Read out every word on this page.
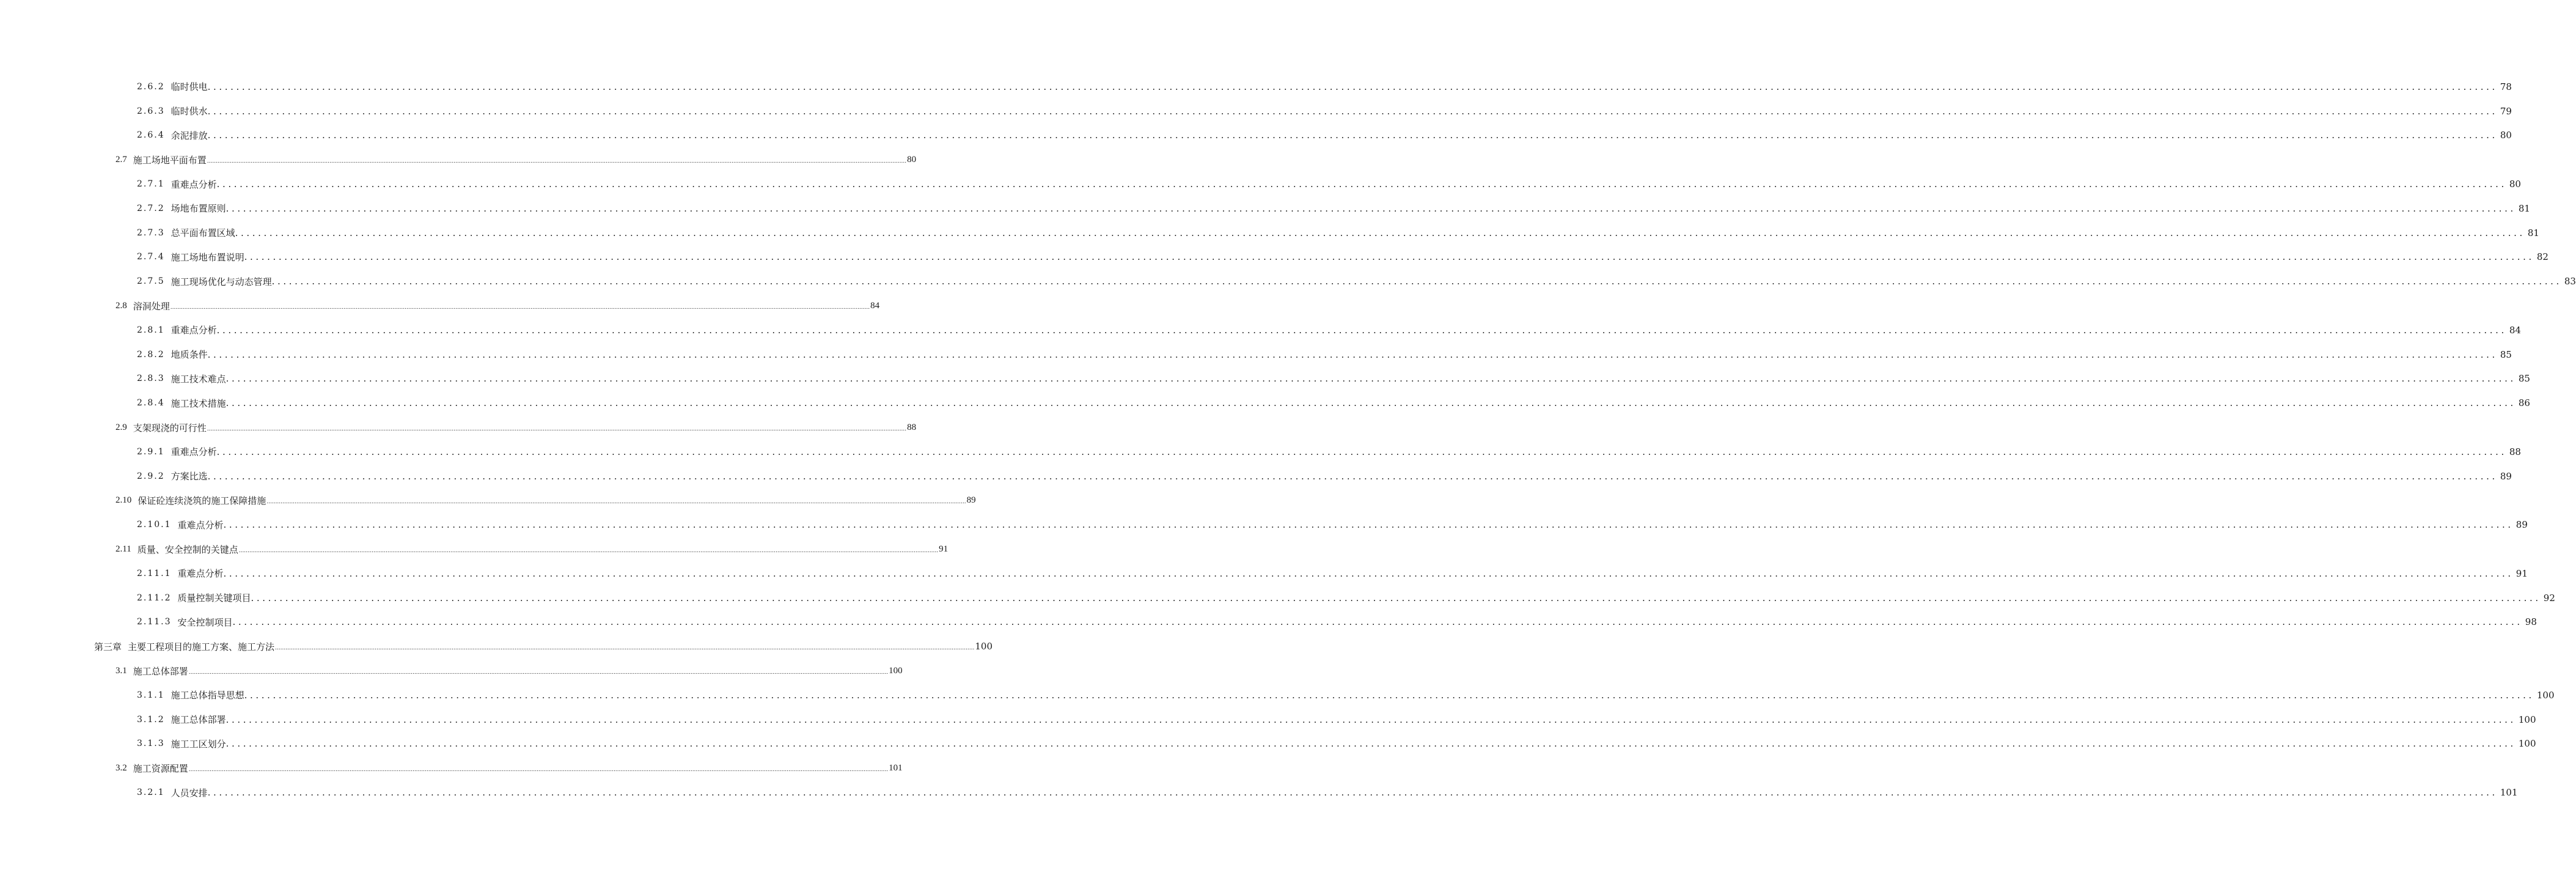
2.6.2 临时供电 ................................................................................................................................................................................................................................................................................................................................................................................................................ 78
2.6.3 临时供水 ................................................................................................................................................................................................................................................................................................................................................................................................................ 79
2.6.4 余泥排放 ................................................................................................................................................................................................................................................................................................................................................................................................................ 80
2.7 施工场地平面布置 ................................................................................................................................................................................................................................................................................................................................................................................................................ 80
2.7.1 重难点分析 ................................................................................................................................................................................................................................................................................................................................................................................................................ 80
2.7.2 场地布置原则 ................................................................................................................................................................................................................................................................................................................................................................................................................ 81
2.7.3 总平面布置区域 ................................................................................................................................................................................................................................................................................................................................................................................................................ 81
2.7.4 施工场地布置说明 ................................................................................................................................................................................................................................................................................................................................................................................................................ 82
2.7.5 施工现场优化与动态管理 ................................................................................................................................................................................................................................................................................................................................................................................................................ 83
2.8 溶洞处理 ................................................................................................................................................................................................................................................................................................................................................................................................................ 84
2.8.1 重难点分析 ................................................................................................................................................................................................................................................................................................................................................................................................................ 84
2.8.2 地质条件 ................................................................................................................................................................................................................................................................................................................................................................................................................ 85
2.8.3 施工技术难点 ................................................................................................................................................................................................................................................................................................................................................................................................................ 85
2.8.4 施工技术措施 ................................................................................................................................................................................................................................................................................................................................................................................................................ 86
2.9 支架现浇的可行性 ................................................................................................................................................................................................................................................................................................................................................................................................................ 88
2.9.1 重难点分析 ................................................................................................................................................................................................................................................................................................................................................................................................................ 88
2.9.2 方案比选 ................................................................................................................................................................................................................................................................................................................................................................................................................ 89
2.10 保证砼连续浇筑的施工保障措施 ................................................................................................................................................................................................................................................................................................................................................................................................................ 89
2.10.1 重难点分析 ................................................................................................................................................................................................................................................................................................................................................................................................................ 89
2.11 质量、安全控制的关键点 ................................................................................................................................................................................................................................................................................................................................................................................................................ 91
2.11.1 重难点分析 ................................................................................................................................................................................................................................................................................................................................................................................................................ 91
2.11.2 质量控制关键项目 ................................................................................................................................................................................................................................................................................................................................................................................................................ 92
2.11.3 安全控制项目 ................................................................................................................................................................................................................................................................................................................................................................................................................ 98
第三章 主要工程项目的施工方案、施工方法 ................................................................................................................................................................................................................................................................................................................................................................................................................ 100
3.1 施工总体部署 ................................................................................................................................................................................................................................................................................................................................................................................................................ 100
3.1.1 施工总体指导思想 ................................................................................................................................................................................................................................................................................................................................................................................................................ 100
3.1.2 施工总体部署 ................................................................................................................................................................................................................................................................................................................................................................................................................ 100
3.1.3 施工工区划分 ................................................................................................................................................................................................................................................................................................................................................................................................................ 100
3.2 施工资源配置 ................................................................................................................................................................................................................................................................................................................................................................................................................ 101
3.2.1 人员安排 ................................................................................................................................................................................................................................................................................................................................................................................................................ 101
